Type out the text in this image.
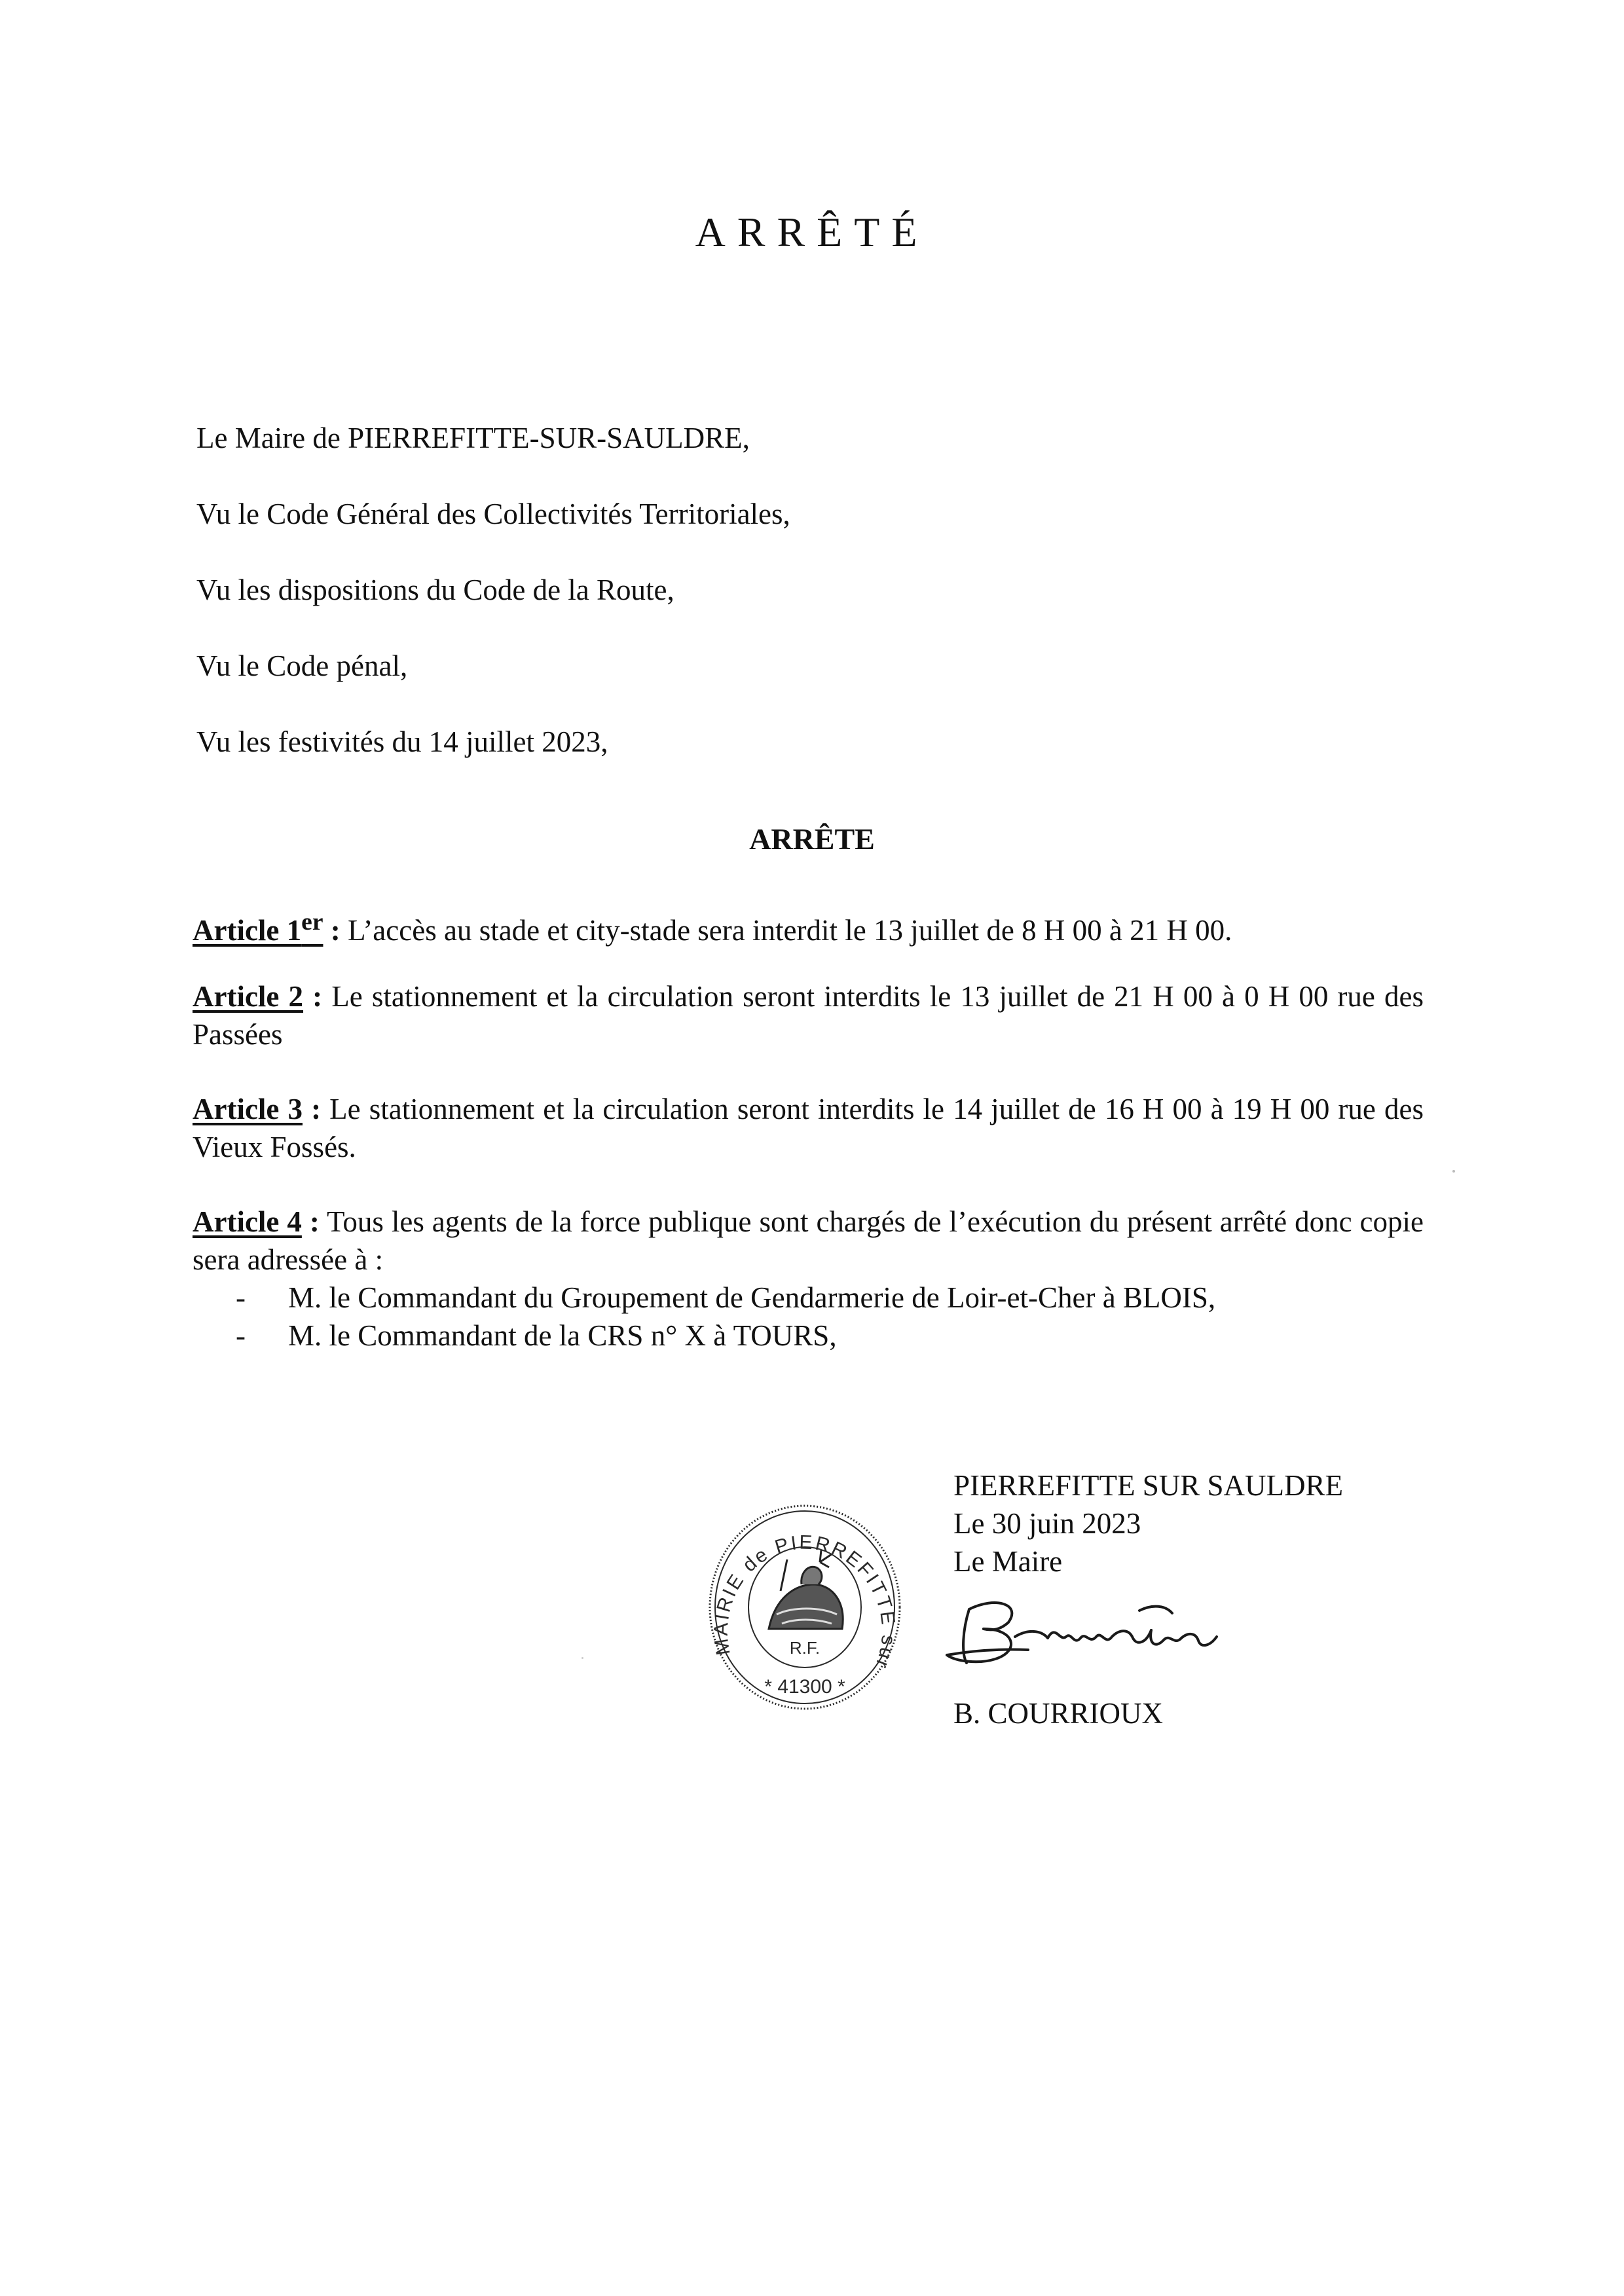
ARRÊTÉ
Le Maire de PIERREFITTE-SUR-SAULDRE,
Vu le Code Général des Collectivités Territoriales,
Vu les dispositions du Code de la Route,
Vu le Code pénal,
Vu les festivités du 14 juillet 2023,
ARRÊTE
Article 1er : L’accès au stade et city-stade sera interdit le 13 juillet de 8 H 00 à 21 H 00.
Article 2 : Le stationnement et la circulation seront interdits le 13 juillet de 21 H 00 à 0 H 00 rue des Passées
Article 3 : Le stationnement et la circulation seront interdits le 14 juillet de 16 H 00 à 19 H 00 rue des Vieux Fossés.
Article 4 : Tous les agents de la force publique sont chargés de l’exécution du présent arrêté donc copie sera adressée à :
- M. le Commandant du Groupement de Gendarmerie de Loir-et-Cher à BLOIS,
- M. le Commandant de la CRS n° X à TOURS,
PIERREFITTE SUR SAULDRE
Le 30 juin 2023
Le Maire
B. COURRIOUX
MAIRIE de PIERREFITTE sur
* 41300 *
R.F.
